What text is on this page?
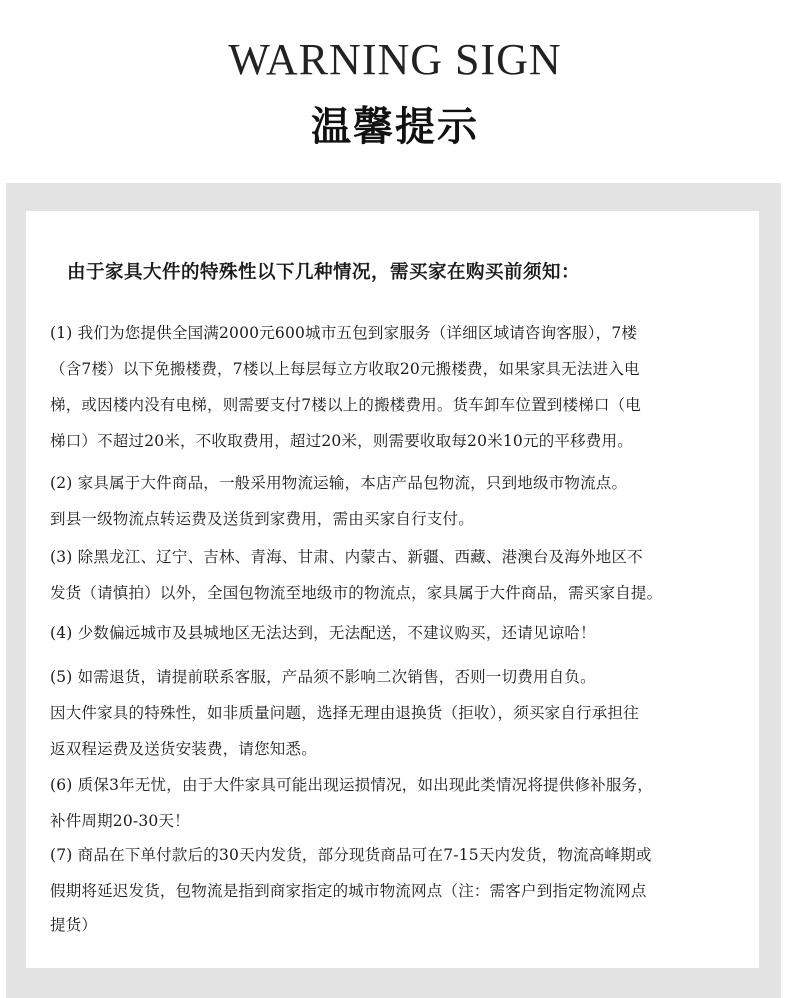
WARNING SIGN
温馨提示
由于家具大件的特殊性以下几种情况，需买家在购买前须知：
(1) 我们为您提供全国满2000元600城市五包到家服务（详细区域请咨询客服），7楼
（含7楼）以下免搬楼费，7楼以上每层每立方收取20元搬楼费，如果家具无法进入电
梯，或因楼内没有电梯，则需要支付7楼以上的搬楼费用。货车卸车位置到楼梯口（电
梯口）不超过20米，不收取费用，超过20米，则需要收取每20米10元的平移费用。
(2) 家具属于大件商品，一般采用物流运输，本店产品包物流，只到地级市物流点。
到县一级物流点转运费及送货到家费用，需由买家自行支付。
(3) 除黑龙江、辽宁、吉林、青海、甘肃、内蒙古、新疆、西藏、港澳台及海外地区不
发货（请慎拍）以外，全国包物流至地级市的物流点，家具属于大件商品，需买家自提。
(4) 少数偏远城市及县城地区无法达到，无法配送，不建议购买，还请见谅哈！
(5) 如需退货，请提前联系客服，产品须不影响二次销售，否则一切费用自负。
因大件家具的特殊性，如非质量问题，选择无理由退换货（拒收），须买家自行承担往
返双程运费及送货安装费，请您知悉。
(6) 质保3年无忧，由于大件家具可能出现运损情况，如出现此类情况将提供修补服务，
补件周期20-30天！
(7) 商品在下单付款后的30天内发货，部分现货商品可在7-15天内发货，物流高峰期或
假期将延迟发货，包物流是指到商家指定的城市物流网点（注：需客户到指定物流网点
提货）
